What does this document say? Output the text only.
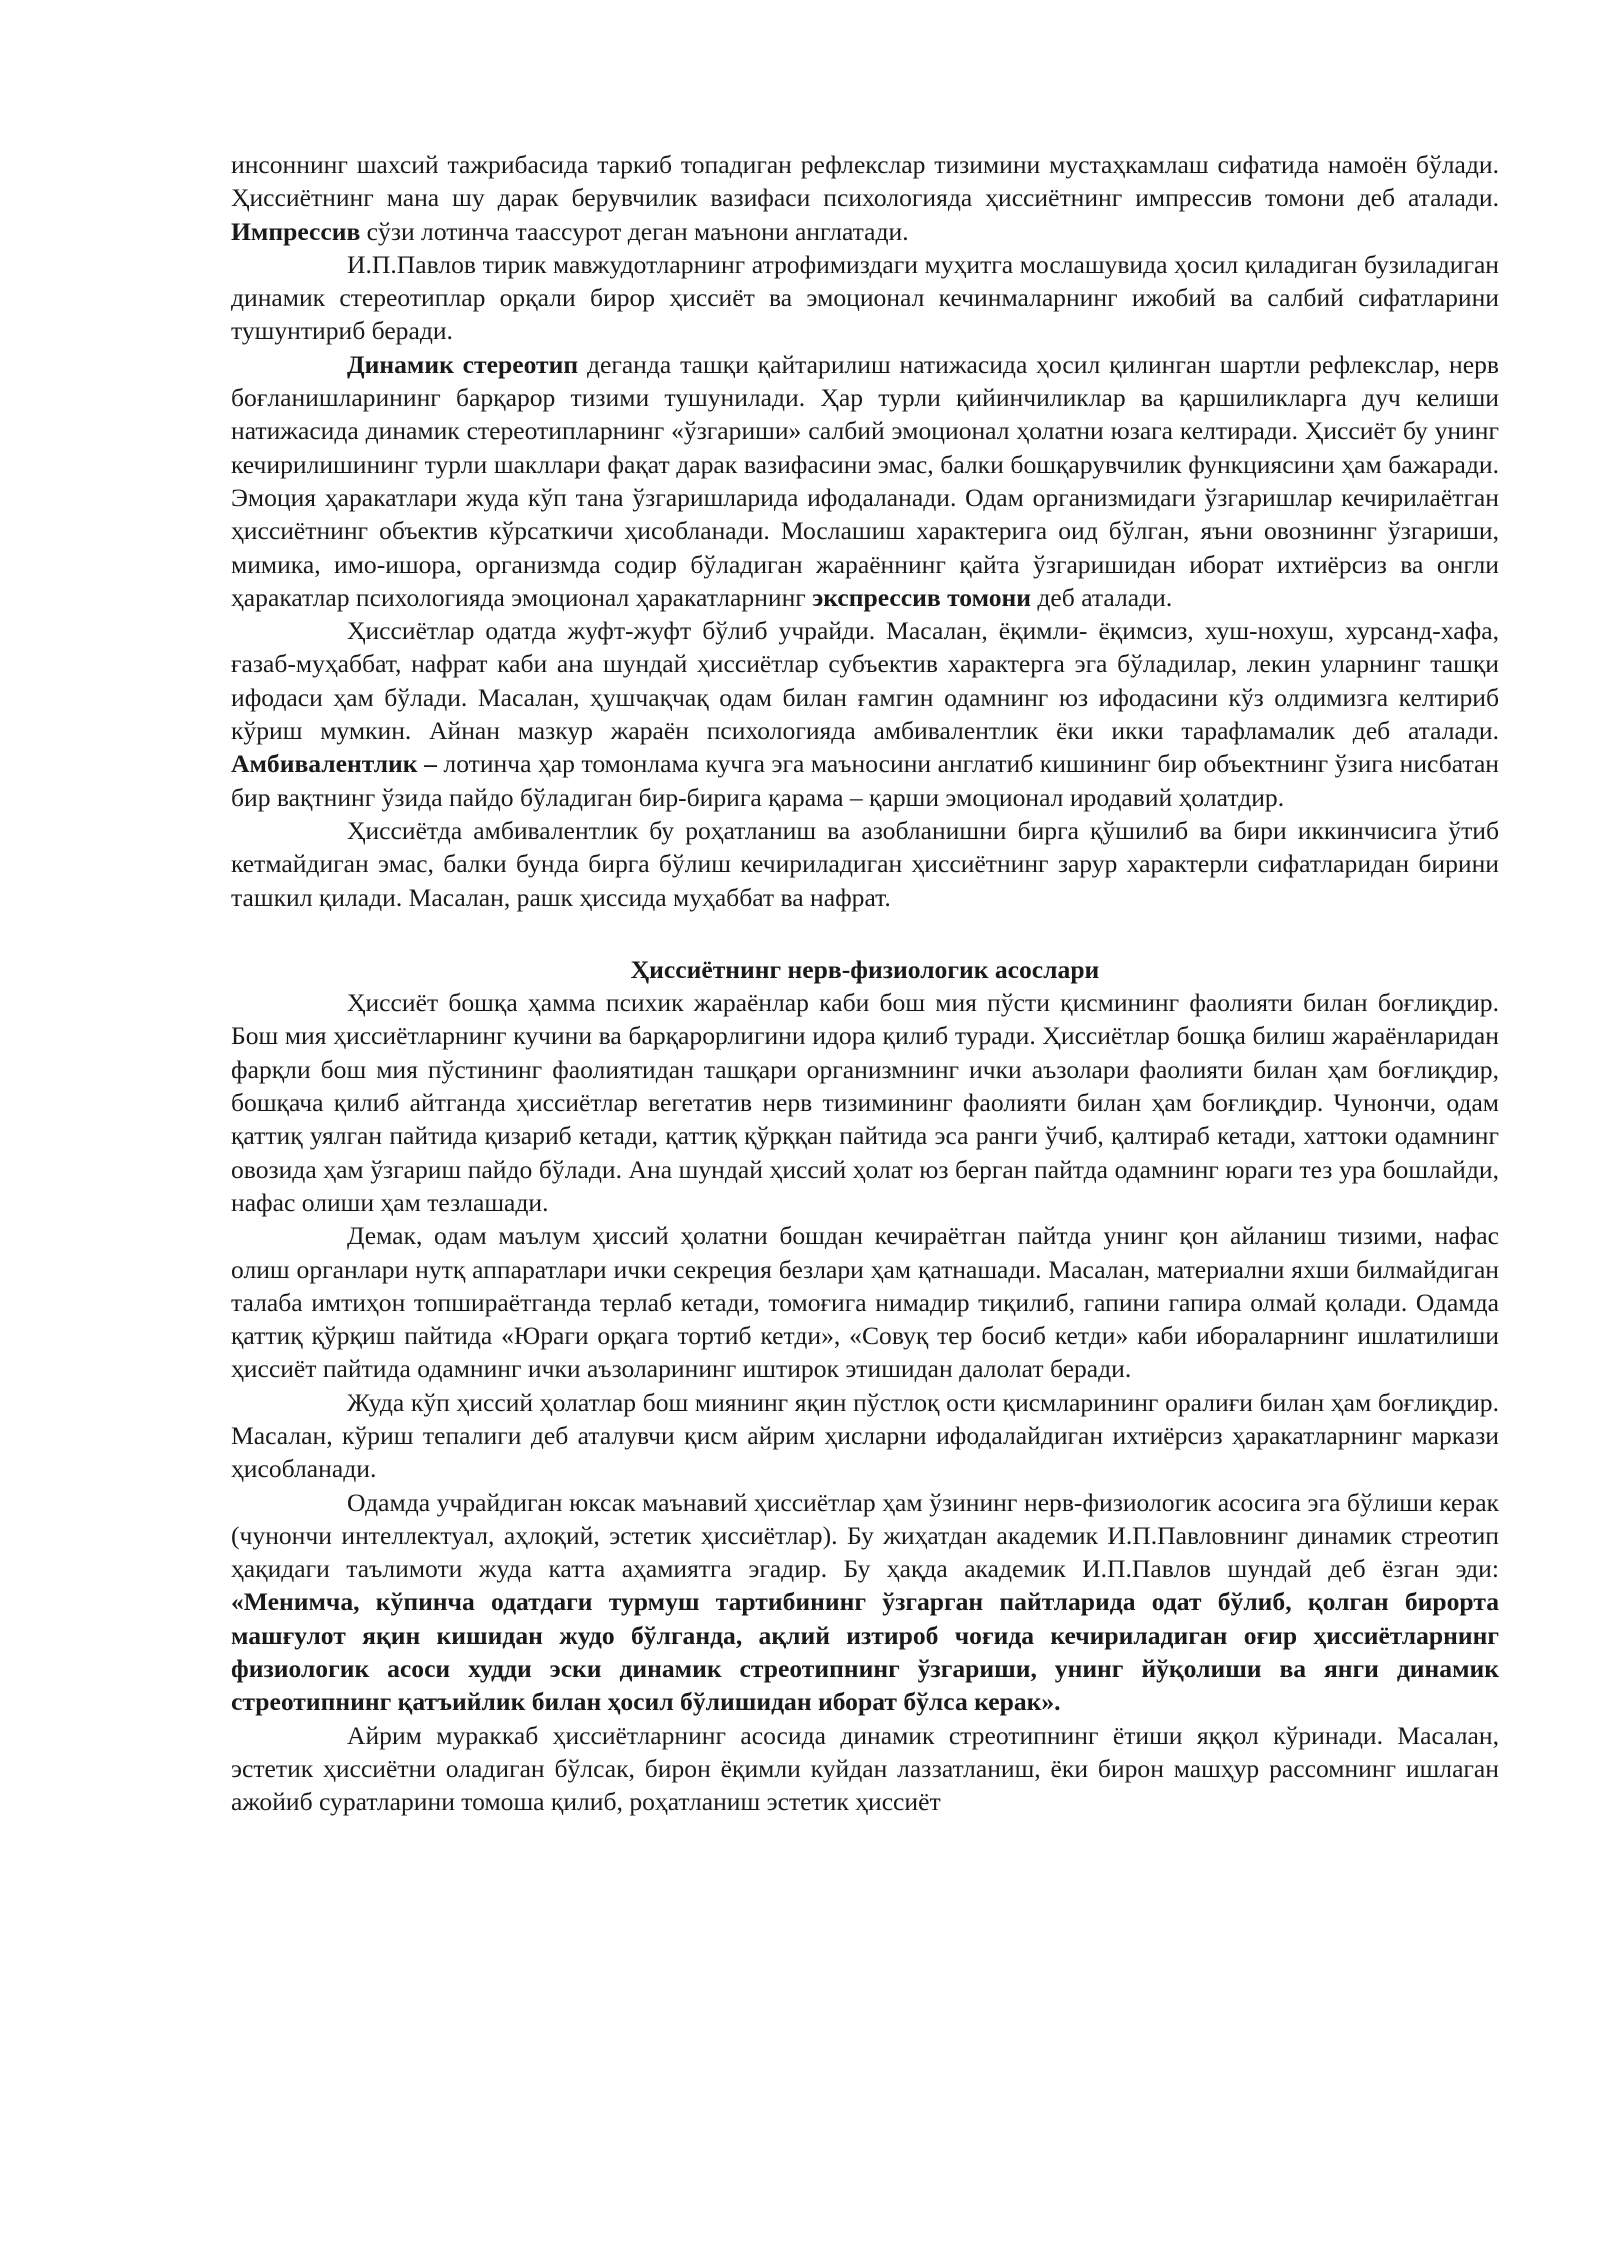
инсоннинг шахсий тажрибасида таркиб топадиган рефлекслар тизимини мустаҳкамлаш сифатида намоён бўлади. Ҳиссиётнинг мана шу дарак берувчилик вазифаси психологияда ҳиссиётнинг импрессив томони деб аталади. Импрессив сўзи лотинча таассурот деган маънони англатади.

И.П.Павлов тирик мавжудотларнинг атрофимиздаги муҳитга мослашувида ҳосил қиладиган бузиладиган динамик стереотиплар орқали бирор ҳиссиёт ва эмоционал кечинмаларнинг ижобий ва салбий сифатларини тушунтириб беради.

Динамик стереотип деганда ташқи қайтарилиш натижасида ҳосил қилинган шартли рефлекслар, нерв боғланишларининг барқарор тизими тушунилади. Ҳар турли қийинчиликлар ва қаршиликларга дуч келиши натижасида динамик стереотипларнинг «ўзгариши» салбий эмоционал ҳолатни юзага келтиради. Ҳиссиёт бу унинг кечирилишининг турли шакллари фақат дарак вазифасини эмас, балки бошқарувчилик функциясини ҳам бажаради. Эмоция ҳаракатлари жуда кўп тана ўзгаришларида ифодаланади. Одам организмидаги ўзгаришлар кечирилаётган ҳиссиётнинг объектив кўрсаткичи ҳисобланади. Мослашиш характерига оид бўлган, яъни овозниннг ўзгариши, мимика, имо-ишора, организмда содир бўладиган жараённинг қайта ўзгаришидан иборат ихтиёрсиз ва онгли ҳаракатлар психологияда эмоционал ҳаракатларнинг экспрессив томони деб аталади.

Ҳиссиётлар одатда жуфт-жуфт бўлиб учрайди. Масалан, ёқимли- ёқимсиз, хуш-нохуш, хурсанд-хафа, ғазаб-муҳаббат, нафрат каби ана шундай ҳиссиётлар субъектив характерга эга бўладилар, лекин уларнинг ташқи ифодаси ҳам бўлади. Масалан, ҳушчақчақ одам билан ғамгин одамнинг юз ифодасини кўз олдимизга келтириб кўриш мумкин. Айнан мазкур жараён психологияда амбивалентлик ёки икки тарафламалик деб аталади. Амбивалентлик – лотинча ҳар томонлама кучга эга маъносини англатиб кишининг бир объектнинг ўзига нисбатан бир вақтнинг ўзида пайдо бўладиган бир-бирига қарама – қарши эмоционал иродавий ҳолатдир.

Ҳиссиётда амбивалентлик бу роҳатланиш ва азобланишни бирга қўшилиб ва бири иккинчисига ўтиб кетмайдиган эмас, балки бунда бирга бўлиш кечириладиган ҳиссиётнинг зарур характерли сифатларидан бирини ташкил қилади. Масалан, рашк ҳиссида муҳаббат ва нафрат.

Ҳиссиётнинг нерв-физиологик асослари

Ҳиссиёт бошқа ҳамма психик жараёнлар каби бош мия пўсти қисмининг фаолияти билан боғлиқдир. Бош мия ҳиссиётларнинг кучини ва барқарорлигини идора қилиб туради. Ҳиссиётлар бошқа билиш жараёнларидан фарқли бош мия пўстининг фаолиятидан ташқари организмнинг ички аъзолари фаолияти билан ҳам боғлиқдир, бошқача қилиб айтганда ҳиссиётлар вегетатив нерв тизимининг фаолияти билан ҳам боғлиқдир. Чунончи, одам қаттиқ уялган пайтида қизариб кетади, қаттиқ қўрққан пайтида эса ранги ўчиб, қалтираб кетади, хаттоки одамнинг овозида ҳам ўзгариш пайдо бўлади. Ана шундай ҳиссий ҳолат юз берган пайтда одамнинг юраги тез ура бошлайди, нафас олиши ҳам тезлашади.

Демак, одам маълум ҳиссий ҳолатни бошдан кечираётган пайтда унинг қон айланиш тизими, нафас олиш органлари нутқ аппаратлари ички секреция безлари ҳам қатнашади. Масалан, материални яхши билмайдиган талаба имтиҳон топшираётганда терлаб кетади, томоғига нимадир тиқилиб, гапини гапира олмай қолади. Одамда қаттиқ қўрқиш пайтида «Юраги орқага тортиб кетди», «Совуқ тер босиб кетди» каби ибораларнинг ишлатилиши ҳиссиёт пайтида одамнинг ички аъзоларининг иштирок этишидан далолат беради.

Жуда кўп ҳиссий ҳолатлар бош миянинг яқин пўстлоқ ости қисмларининг оралиғи билан ҳам боғлиқдир. Масалан, кўриш тепалиги деб аталувчи қисм айрим ҳисларни ифодалайдиган ихтиёрсиз ҳаракатларнинг маркази ҳисобланади.

Одамда учрайдиган юксак маънавий ҳиссиётлар ҳам ўзининг нерв-физиологик асосига эга бўлиши керак (чунончи интеллектуал, аҳлоқий, эстетик ҳиссиётлар). Бу жиҳатдан академик И.П.Павловнинг динамик стреотип ҳақидаги таълимоти жуда катта аҳамиятга эгадир. Бу ҳақда академик И.П.Павлов шундай деб ёзган эди: «Менимча, кўпинча одатдаги турмуш тартибининг ўзгарган пайтларида одат бўлиб, қолган бирорта машғулот яқин кишидан жудо бўлганда, ақлий изтироб чоғида кечириладиган оғир ҳиссиётларнинг физиологик асоси худди эски динамик стреотипнинг ўзгариши, унинг йўқолиши ва янги динамик стреотипнинг қатъийлик билан ҳосил бўлишидан иборат бўлса керак».

Айрим мураккаб ҳиссиётларнинг асосида динамик стреотипнинг ётиши яққол кўринади. Масалан, эстетик ҳиссиётни оладиган бўлсак, бирон ёқимли куйдан лаззатланиш, ёки бирон машҳур рассомнинг ишлаган ажойиб суратларини томоша қилиб, роҳатланиш эстетик ҳиссиёт
